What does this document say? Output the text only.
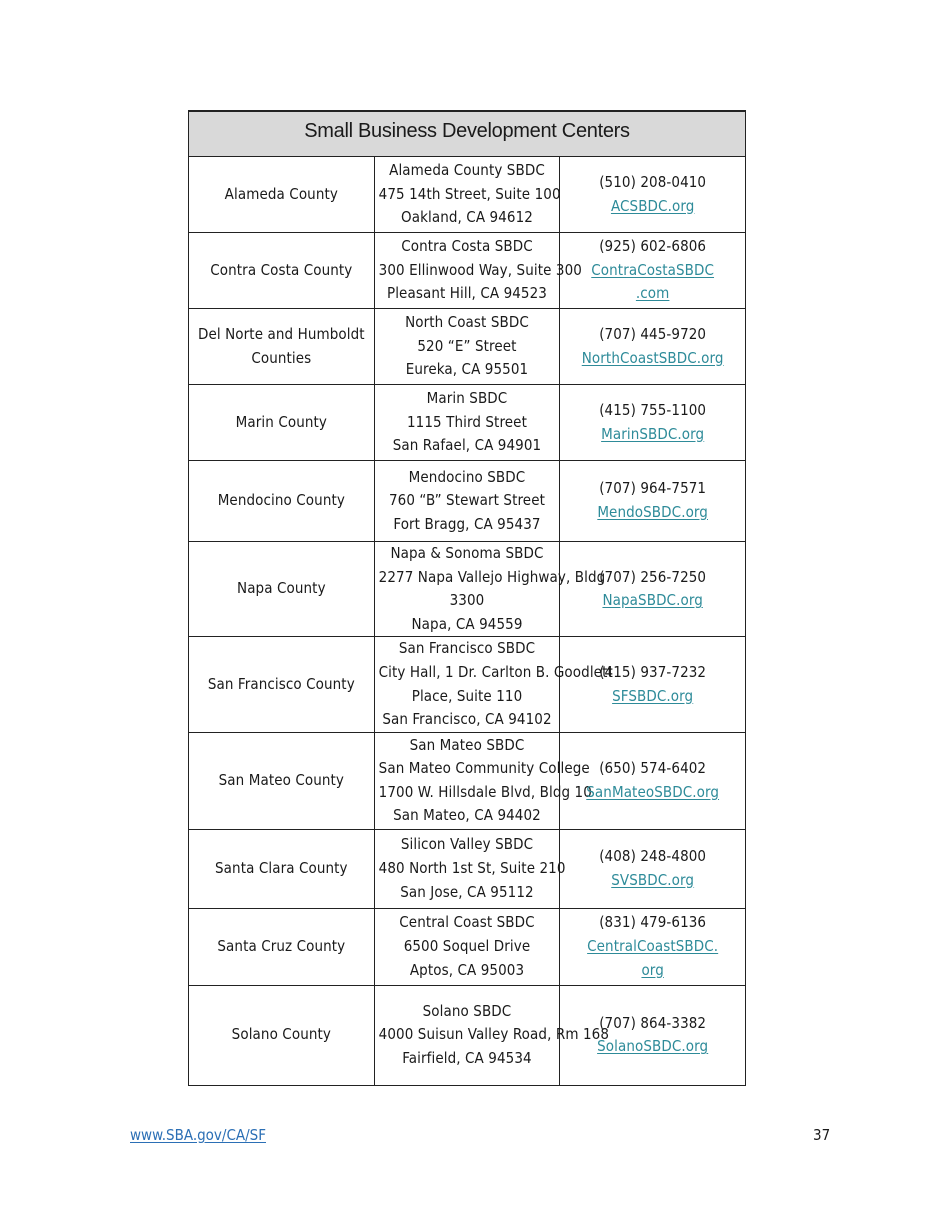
Small Business Development Centers		
Alameda County	Alameda County SBDC
475 14th Street, Suite 100
Oakland, CA 94612	(510) 208-0410
ACSBDC.org

Contra Costa County	Contra Costa SBDC
300 Ellinwood Way, Suite 300
Pleasant Hill, CA 94523	(925) 602-6806
ContraCostaSBDC
.com

Del Norte and Humboldt Counties	North Coast SBDC
520 “E” Street
Eureka, CA 95501	(707) 445-9720
NorthCoastSBDC.org

Marin County	Marin SBDC
1115 Third Street
San Rafael, CA 94901	(415) 755-1100
MarinSBDC.org

Mendocino County	Mendocino SBDC
760 “B” Stewart Street
Fort Bragg, CA 95437	(707) 964-7571
MendoSBDC.org

Napa County	Napa & Sonoma SBDC
2277 Napa Vallejo Highway, Bldg
3300
Napa, CA 94559	(707) 256-7250
NapaSBDC.org

San Francisco County	San Francisco SBDC
City Hall, 1 Dr. Carlton B. Goodlett
Place, Suite 110
San Francisco, CA 94102	(415) 937-7232
SFSBDC.org

San Mateo County	San Mateo SBDC
San Mateo Community College
1700 W. Hillsdale Blvd, Bldg 10
San Mateo, CA 94402	(650) 574-6402
SanMateoSBDC.org

Santa Clara County	Silicon Valley SBDC
480 North 1st St, Suite 210
San Jose, CA 95112	(408) 248-4800
SVSBDC.org

Santa Cruz County	Central Coast SBDC
6500 Soquel Drive
Aptos, CA 95003	(831) 479-6136
CentralCoastSBDC.
org

Solano County	Solano SBDC
4000 Suisun Valley Road, Rm 168
Fairfield, CA 94534	(707) 864-3382
SolanoSBDC.org
www.SBA.gov/CA/SF	37
